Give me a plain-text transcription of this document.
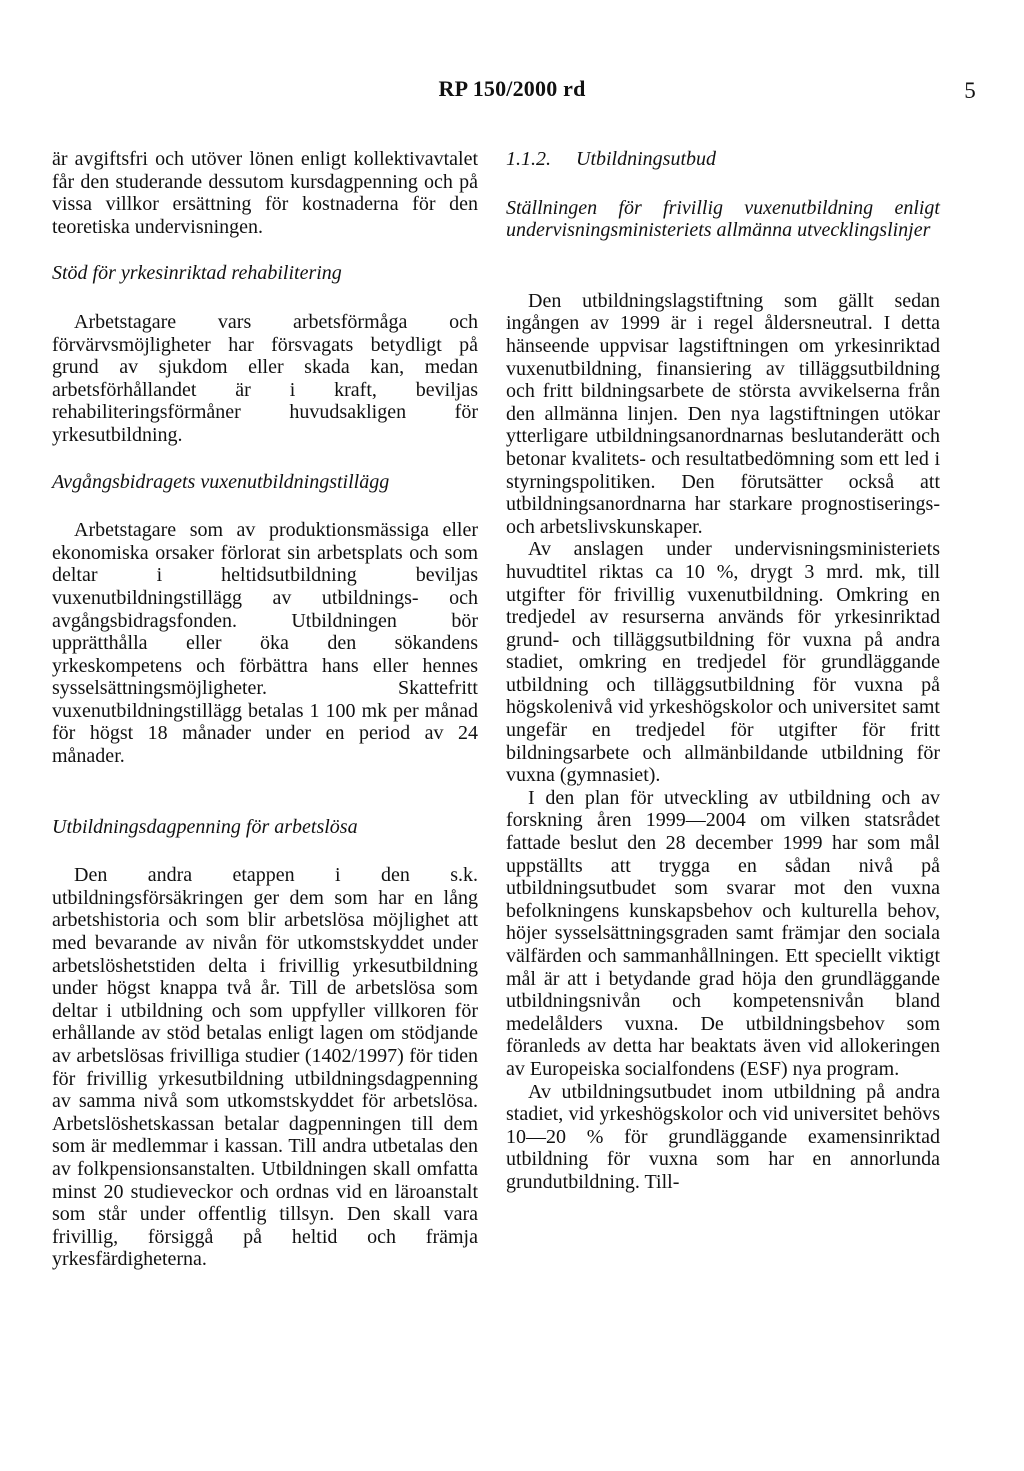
RP 150/2000 rd	5

är avgiftsfri och utöver lönen enligt kollektivavtalet får den studerande dessutom kursdagpenning och på vissa villkor ersättning för kostnaderna för den teoretiska undervisningen.

Stöd för yrkesinriktad rehabilitering

Arbetstagare vars arbetsförmåga och förvärvsmöjligheter har försvagats betydligt på grund av sjukdom eller skada kan, medan arbetsförhållandet är i kraft, beviljas rehabiliteringsförmåner huvudsakligen för yrkesutbildning.

Avgångsbidragets vuxenutbildningstillägg

Arbetstagare som av produktionsmässiga eller ekonomiska orsaker förlorat sin arbetsplats och som deltar i heltidsutbildning beviljas vuxenutbildningstillägg av utbildnings- och avgångsbidragsfonden. Utbildningen bör upprätthålla eller öka den sökandens yrkeskompetens och förbättra hans eller hennes sysselsättningsmöjligheter. Skattefritt vuxenutbildningstillägg betalas 1 100 mk per månad för högst 18 månader under en period av 24 månader.

Utbildningsdagpenning för arbetslösa

Den andra etappen i den s.k. utbildningsförsäkringen ger dem som har en lång arbetshistoria och som blir arbetslösa möjlighet att med bevarande av nivån för utkomstskyddet under arbetslöshetstiden delta i frivillig yrkesutbildning under högst knappa två år. Till de arbetslösa som deltar i utbildning och som uppfyller villkoren för erhållande av stöd betalas enligt lagen om stödjande av arbetslösas frivilliga studier (1402/1997) för tiden för frivillig yrkesutbildning utbildningsdagpenning av samma nivå som utkomstskyddet för arbetslösa. Arbetslöshetskassan betalar dagpenningen till dem som är medlemmar i kassan. Till andra utbetalas den av folkpensionsanstalten. Utbildningen skall omfatta minst 20 studieveckor och ordnas vid en läroanstalt som står under offentlig tillsyn. Den skall vara frivillig, försiggå på heltid och främja yrkesfärdigheterna.

1.1.2.	Utbildningsutbud

Ställningen för frivillig vuxenutbildning enligt undervisningsministeriets allmänna utvecklingslinjer

Den utbildningslagstiftning som gällt sedan ingången av 1999 är i regel åldersneutral. I detta hänseende uppvisar lagstiftningen om yrkesinriktad vuxenutbildning, finansiering av tilläggsutbildning och fritt bildningsarbete de största avvikelserna från den allmänna linjen. Den nya lagstiftningen utökar ytterligare utbildningsanordnarnas beslutanderätt och betonar kvalitets- och resultatbedömning som ett led i styrningspolitiken. Den förutsätter också att utbildningsanordnarna har starkare prognostiserings- och arbetslivskunskaper.

Av anslagen under undervisningsministeriets huvudtitel riktas ca 10 %, drygt 3 mrd. mk, till utgifter för frivillig vuxenutbildning. Omkring en tredjedel av resurserna används för yrkesinriktad grund- och tilläggsutbildning för vuxna på andra stadiet, omkring en tredjedel för grundläggande utbildning och tilläggsutbildning för vuxna på högskolenivå vid yrkeshögskolor och universitet samt ungefär en tredjedel för utgifter för fritt bildningsarbete och allmänbildande utbildning för vuxna (gymnasiet).

I den plan för utveckling av utbildning och av forskning åren 1999—2004 om vilken statsrådet fattade beslut den 28 december 1999 har som mål uppställts att trygga en sådan nivå på utbildningsutbudet som svarar mot den vuxna befolkningens kunskapsbehov och kulturella behov, höjer sysselsättningsgraden samt främjar den sociala välfärden och sammanhållningen. Ett speciellt viktigt mål är att i betydande grad höja den grundläggande utbildningsnivån och kompetensnivån bland medelålders vuxna. De utbildningsbehov som föranleds av detta har beaktats även vid allokeringen av Europeiska socialfondens (ESF) nya program.

Av utbildningsutbudet inom utbildning på andra stadiet, vid yrkeshögskolor och vid universitet behövs 10—20 % för grundläggande examensinriktad utbildning för vuxna som har en annorlunda grundutbildning. Till-
